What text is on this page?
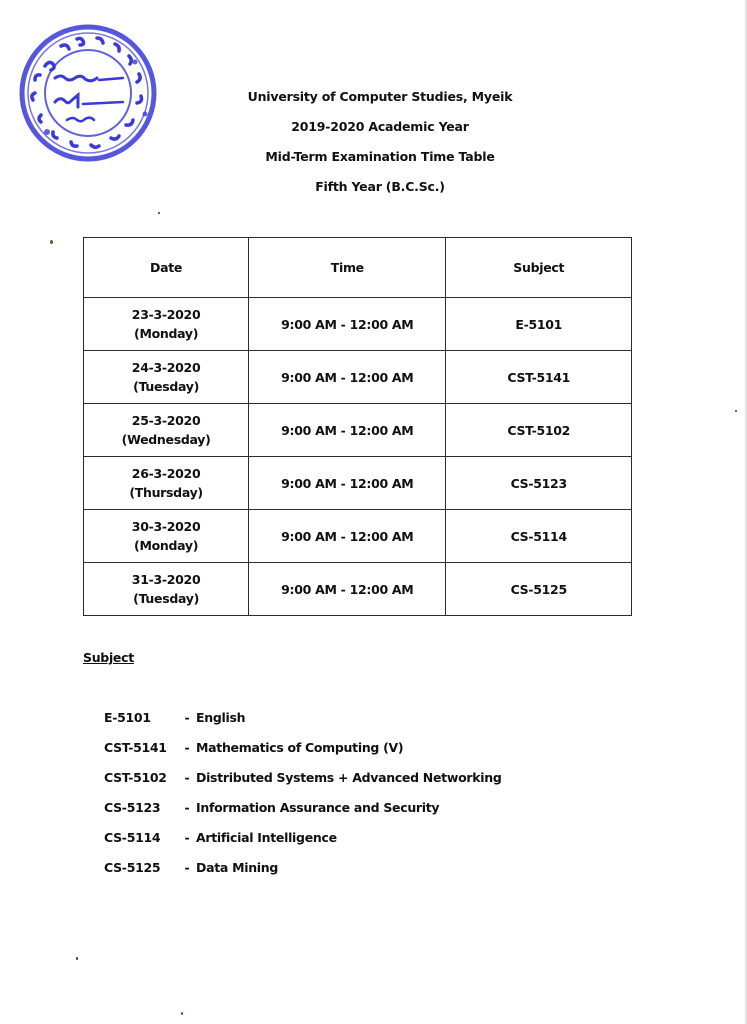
University of Computer Studies, Myeik
2019-2020 Academic Year
Mid-Term Examination Time Table
Fifth Year (B.C.Sc.)
Date	Time	Subject

23-3-2020
(Monday)	9:00 AM - 12:00 AM	E-5101

24-3-2020
(Tuesday)	9:00 AM - 12:00 AM	CST-5141

25-3-2020
(Wednesday)	9:00 AM - 12:00 AM	CST-5102

26-3-2020
(Thursday)	9:00 AM - 12:00 AM	CS-5123

30-3-2020
(Monday)	9:00 AM - 12:00 AM	CS-5114

31-3-2020
(Tuesday)	9:00 AM - 12:00 AM	CS-5125
Subject
E-5101	- English
CST-5141 - Mathematics of Computing (V)
CST-5102 - Distributed Systems + Advanced Networking
CS-5123 - Information Assurance and Security
CS-5114 - Artificial Intelligence
CS-5125 - Data Mining
